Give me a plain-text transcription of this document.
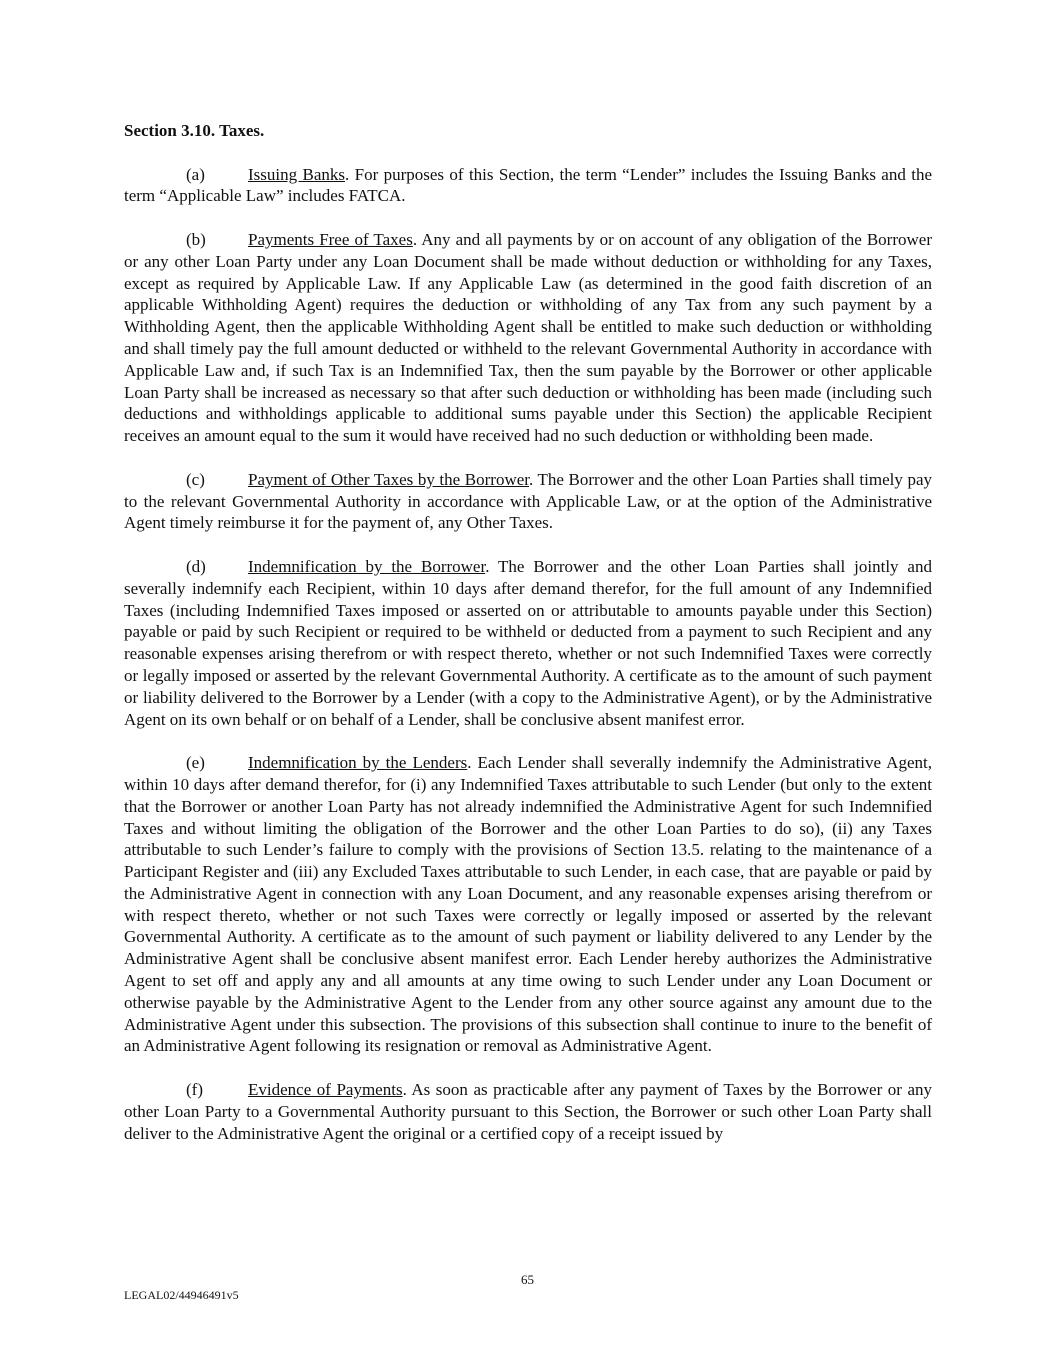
Section 3.10. Taxes.

(a)	Issuing Banks. For purposes of this Section, the term “Lender” includes the Issuing Banks and the term “Applicable Law” includes FATCA.

(b) Payments Free of Taxes. Any and all payments by or on account of any obligation of the Borrower or any other Loan Party under any Loan Document shall be made without deduction or withholding for any Taxes, except as required by Applicable Law. If any Applicable Law (as determined in the good faith discretion of an applicable Withholding Agent) requires the deduction or withholding of any Tax from any such payment by a Withholding Agent, then the applicable Withholding Agent shall be entitled to make such deduction or withholding and shall timely pay the full amount deducted or withheld to the relevant Governmental Authority in accordance with Applicable Law and, if such Tax is an Indemnified Tax, then the sum payable by the Borrower or other applicable Loan Party shall be increased as necessary so that after such deduction or withholding has been made (including such deductions and withholdings applicable to additional sums payable under this Section) the applicable Recipient receives an amount equal to the sum it would have received had no such deduction or withholding been made.

(c)	Payment of Other Taxes by the Borrower. The Borrower and the other Loan Parties shall timely pay to the relevant Governmental Authority in accordance with Applicable Law, or at the option of the Administrative Agent timely reimburse it for the payment of, any Other Taxes.

(d) Indemnification by the Borrower. The Borrower and the other Loan Parties shall jointly and severally indemnify each Recipient, within 10 days after demand therefor, for the full amount of any Indemnified Taxes (including Indemnified Taxes imposed or asserted on or attributable to amounts payable under this Section) payable or paid by such Recipient or required to be withheld or deducted from a payment to such Recipient and any reasonable expenses arising therefrom or with respect thereto, whether or not such Indemnified Taxes were correctly or legally imposed or asserted by the relevant Governmental Authority. A certificate as to the amount of such payment or liability delivered to the Borrower by a Lender (with a copy to the Administrative Agent), or by the Administrative Agent on its own behalf or on behalf of a Lender, shall be conclusive absent manifest error.

(e)	Indemnification by the Lenders. Each Lender shall severally indemnify the Administrative Agent, within 10 days after demand therefor, for (i) any Indemnified Taxes attributable to such Lender (but only to the extent that the Borrower or another Loan Party has not already indemnified the Administrative Agent for such Indemnified Taxes and without limiting the obligation of the Borrower and the other Loan Parties to do so), (ii) any Taxes attributable to such Lender’s failure to comply with the provisions of Section 13.5. relating to the maintenance of a Participant Register and (iii) any Excluded Taxes attributable to such Lender, in each case, that are payable or paid by the Administrative Agent in connection with any Loan Document, and any reasonable expenses arising therefrom or with respect thereto, whether or not such Taxes were correctly or legally imposed or asserted by the relevant Governmental Authority. A certificate as to the amount of such payment or liability delivered to any Lender by the Administrative Agent shall be conclusive absent manifest error. Each Lender hereby authorizes the Administrative Agent to set off and apply any and all amounts at any time owing to such Lender under any Loan Document or otherwise payable by the Administrative Agent to the Lender from any other source against any amount due to the Administrative Agent under this subsection. The provisions of this subsection shall continue to inure to the benefit of an Administrative Agent following its resignation or removal as Administrative Agent.

(f)	Evidence of Payments. As soon as practicable after any payment of Taxes by the Borrower or any other Loan Party to a Governmental Authority pursuant to this Section, the Borrower or such other Loan Party shall deliver to the Administrative Agent the original or a certified copy of a receipt issued by

65
LEGAL02/44946491v5
